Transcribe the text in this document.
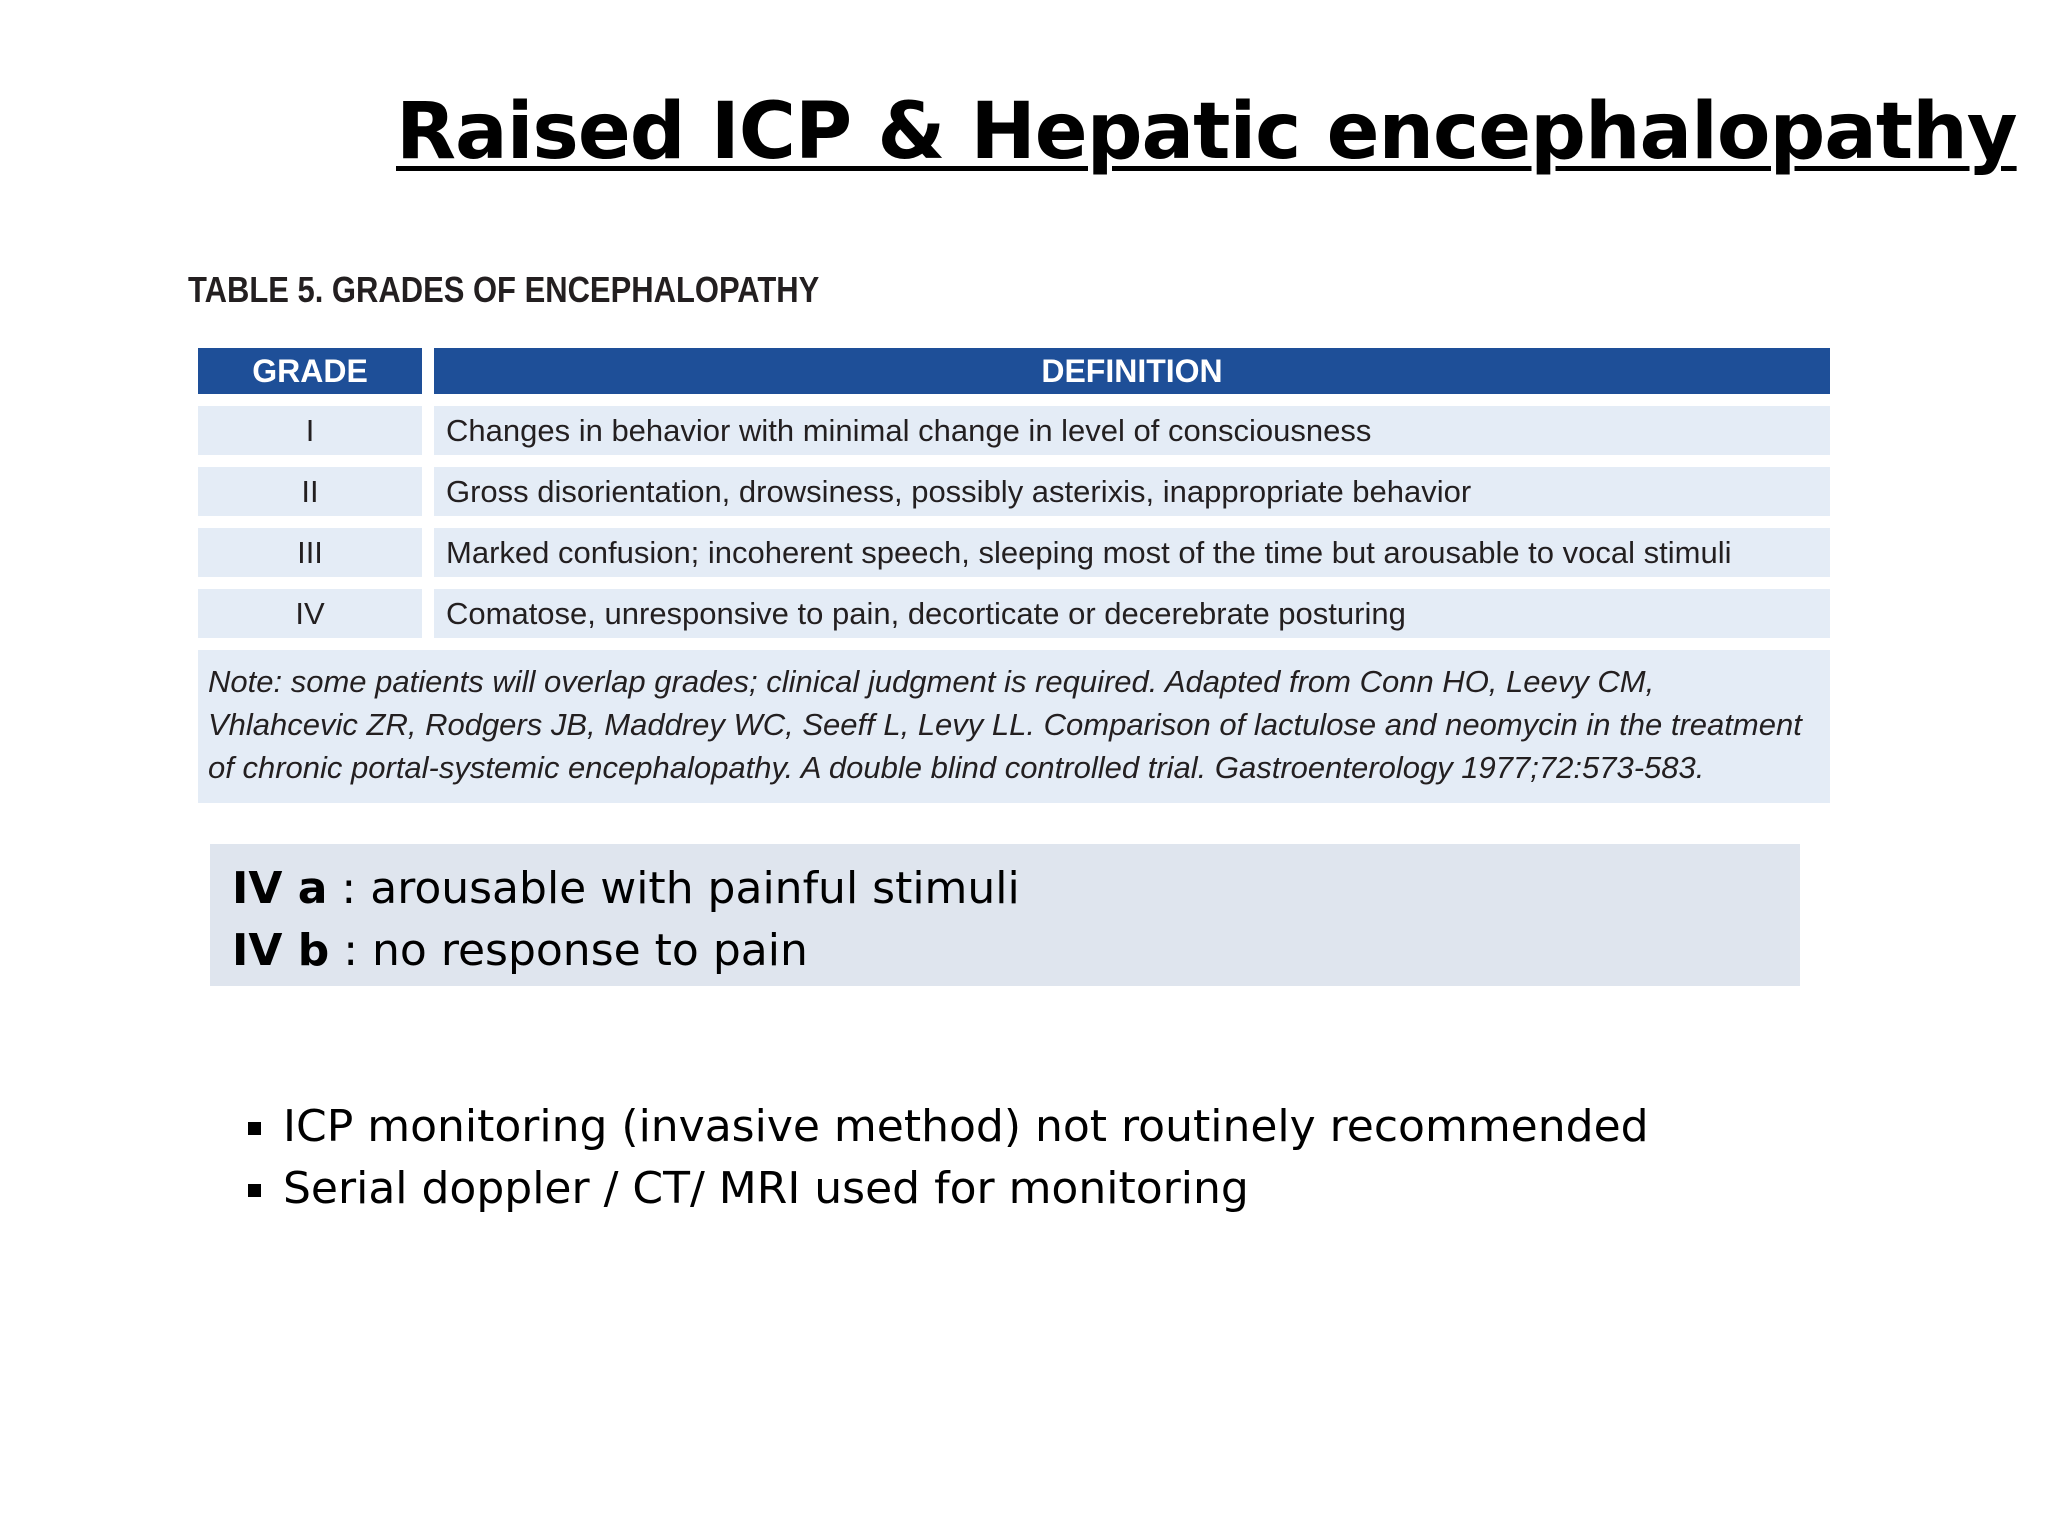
Raised ICP & Hepatic encephalopathy
TABLE 5. GRADES OF ENCEPHALOPATHY
GRADE	DEFINITION
I	Changes in behavior with minimal change in level of consciousness
II	Gross disorientation, drowsiness, possibly asterixis, inappropriate behavior
III	Marked confusion; incoherent speech, sleeping most of the time but arousable to vocal stimuli
IV	Comatose, unresponsive to pain, decorticate or decerebrate posturing
Note: some patients will overlap grades; clinical judgment is required. Adapted from Conn HO, Leevy CM,
Vhlahcevic ZR, Rodgers JB, Maddrey WC, Seeff L, Levy LL. Comparison of lactulose and neomycin in the treatment
of chronic portal-systemic encephalopathy. A double blind controlled trial. Gastroenterology 1977;72:573-583.
IV a : arousable with painful stimuli
IV b : no response to pain
ICP monitoring (invasive method) not routinely recommended
Serial doppler / CT/ MRI used for monitoring
